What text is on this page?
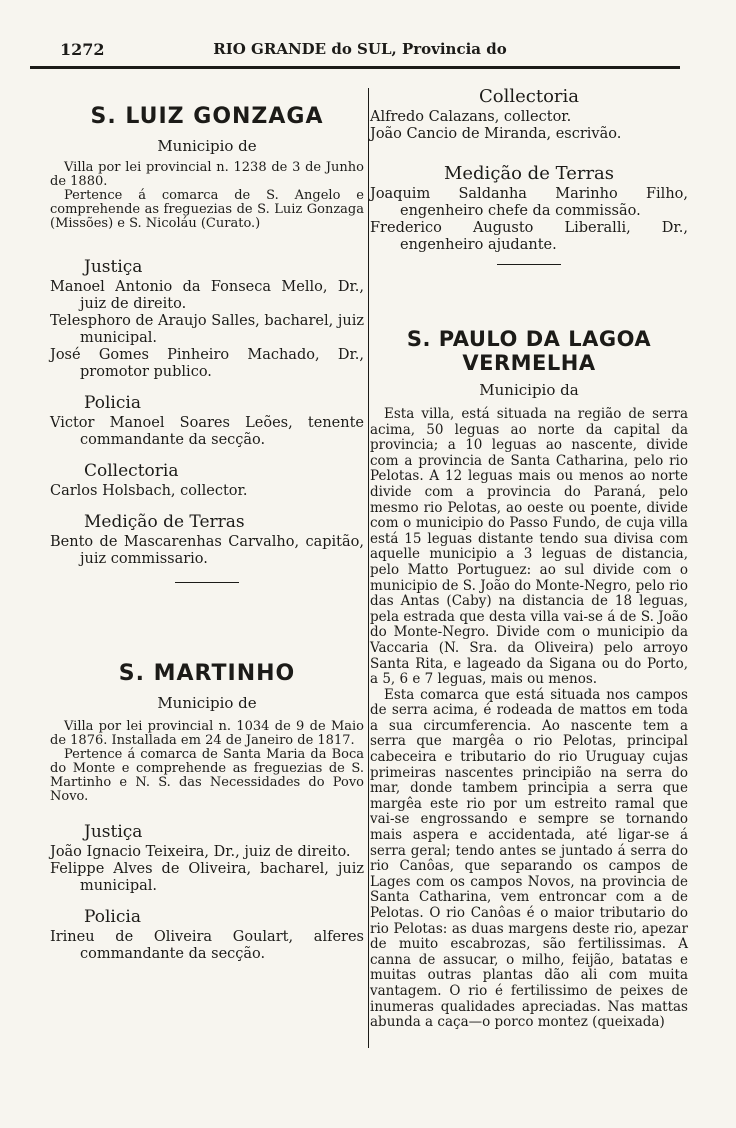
1272	RIO GRANDE do SUL, Provincia do
S. LUIZ GONZAGA
Municipio de

Villa por lei provincial n. 1238 de 3 de Junho de 1880.

Pertence á comarca de S. Angelo e comprehende as freguezias de S. Luiz Gonzaga (Missões) e S. Nicoláu (Curato.)

Justiça

Manoel Antonio da Fonseca Mello, Dr., juiz de direito.

Telesphoro de Araujo Salles, bacharel, juiz municipal.

José Gomes Pinheiro Machado, Dr., promotor publico.

Policia

Victor Manoel Soares Leões, tenente commandante da secção.

Collectoria

Carlos Holsbach, collector.

Medição de Terras

Bento de Mascarenhas Carvalho, capitão, juiz commissario.

S. MARTINHO
Municipio de

Villa por lei provincial n. 1034 de 9 de Maio de 1876. Installada em 24 de Janeiro de 1817.

Pertence á comarca de Santa Maria da Boca do Monte e comprehende as freguezias de S. Martinho e N. S. das Necessidades do Povo Novo.

Justiça

João Ignacio Teixeira, Dr., juiz de direito.

Felippe Alves de Oliveira, bacharel, juiz municipal.

Policia

Irineu de Oliveira Goulart, alferes commandante da secção.

Collectoria

Alfredo Calazans, collector.

João Cancio de Miranda, escrivão.

Medição de Terras

Joaquim Saldanha Marinho Filho, engenheiro chefe da commissão.

Frederico Augusto Liberalli, Dr., engenheiro ajudante.

S. PAULO DA LAGOA VERMELHA
Municipio da

Esta villa, está situada na região de serra acima, 50 leguas ao norte da capital da provincia; a 10 leguas ao nascente, divide com a provincia de Santa Catharina, pelo rio Pelotas. A 12 leguas mais ou menos ao norte divide com a provincia do Paraná, pelo mesmo rio Pelotas, ao oeste ou poente, divide com o municipio do Passo Fundo, de cuja villa está 15 leguas distante tendo sua divisa com aquelle municipio a 3 leguas de distancia, pelo Matto Portuguez: ao sul divide com o municipio de S. João do Monte-Negro, pelo rio das Antas (Caby) na distancia de 18 leguas, pela estrada que desta villa vai-se á de S. João do Monte-Negro. Divide com o municipio da Vaccaria (N. Sra. da Oliveira) pelo arroyo Santa Rita, e lageado da Sigana ou do Porto, a 5, 6 e 7 leguas, mais ou menos.

Esta comarca que está situada nos campos de serra acima, é rodeada de mattos em toda a sua circumferencia. Ao nascente tem a serra que margêa o rio Pelotas, principal cabeceira e tributario do rio Uruguay cujas primeiras nascentes principião na serra do mar, donde tambem principia a serra que margêa este rio por um estreito ramal que vai-se engrossando e sempre se tornando mais aspera e accidentada, até ligar-se á serra geral; tendo antes se juntado á serra do rio Canôas, que separando os campos de Lages com os campos Novos, na provincia de Santa Catharina, vem entroncar com a de Pelotas. O rio Canôas é o maior tributario do rio Pelotas: as duas margens deste rio, apezar de muito escabrozas, são fertilissimas. A canna de assucar, o milho, feijão, batatas e muitas outras plantas dão ali com muita vantagem. O rio é fertilissimo de peixes de inumeras qualidades apreciadas. Nas mattas abunda a caça—o porco montez (queixada)
